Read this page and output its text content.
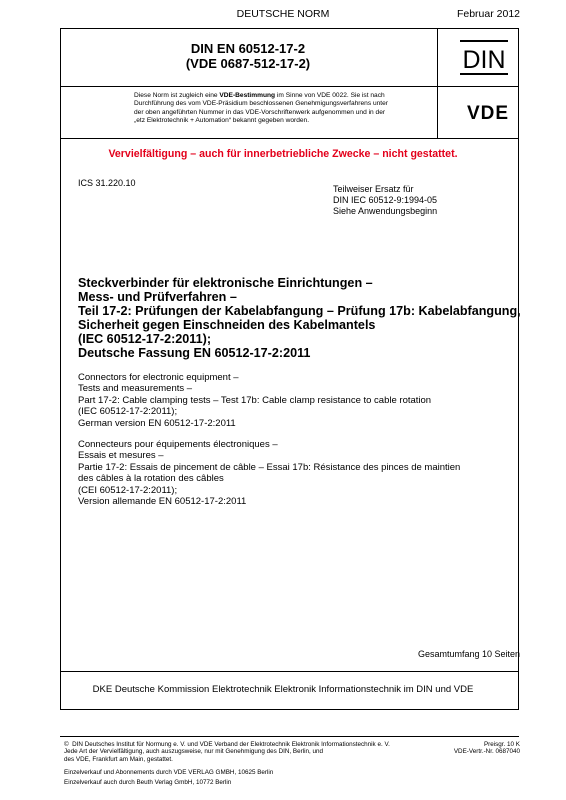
DEUTSCHE NORM	Februar 2012
DIN EN 60512-17-2
(VDE 0687-512-17-2)	DIN
Diese Norm ist zugleich eine VDE-Bestimmung im Sinne von VDE 0022. Sie ist nach
Durchführung des vom VDE-Präsidium beschlossenen Genehmigungsverfahrens unter
der oben angeführten Nummer in das VDE-Vorschriftenwerk aufgenommen und in der
„etz Elektrotechnik + Automation“ bekannt gegeben worden.	VDE
Vervielfältigung – auch für innerbetriebliche Zwecke – nicht gestattet.
ICS 31.220.10
Teilweiser Ersatz für
DIN IEC 60512-9:1994-05
Siehe Anwendungsbeginn
Steckverbinder für elektronische Einrichtungen –
Mess- und Prüfverfahren –
Teil 17-2: Prüfungen der Kabelabfangung – Prüfung 17b: Kabelabfangung,
Sicherheit gegen Einschneiden des Kabelmantels
(IEC 60512-17-2:2011);
Deutsche Fassung EN 60512-17-2:2011
Connectors for electronic equipment –
Tests and measurements –
Part 17-2: Cable clamping tests – Test 17b: Cable clamp resistance to cable rotation
(IEC 60512-17-2:2011);
German version EN 60512-17-2:2011
Connecteurs pour équipements électroniques –
Essais et mesures –
Partie 17-2: Essais de pincement de câble – Essai 17b: Résistance des pinces de maintien
des câbles à la rotation des câbles
(CEI 60512-17-2:2011);
Version allemande EN 60512-17-2:2011
Gesamtumfang 10 Seiten
DKE Deutsche Kommission Elektrotechnik Elektronik Informationstechnik im DIN und VDE
©  DIN Deutsches Institut für Normung e. V. und VDE Verband der Elektrotechnik Elektronik Informationstechnik e. V.
Jede Art der Vervielfältigung, auch auszugsweise, nur mit Genehmigung des DIN, Berlin, und
des VDE, Frankfurt am Main, gestattet.
Preisgr. 10 K
VDE-Vertr.-Nr. 0687040
Einzelverkauf und Abonnements durch VDE VERLAG GMBH, 10625 Berlin
Einzelverkauf auch durch Beuth Verlag GmbH, 10772 Berlin
